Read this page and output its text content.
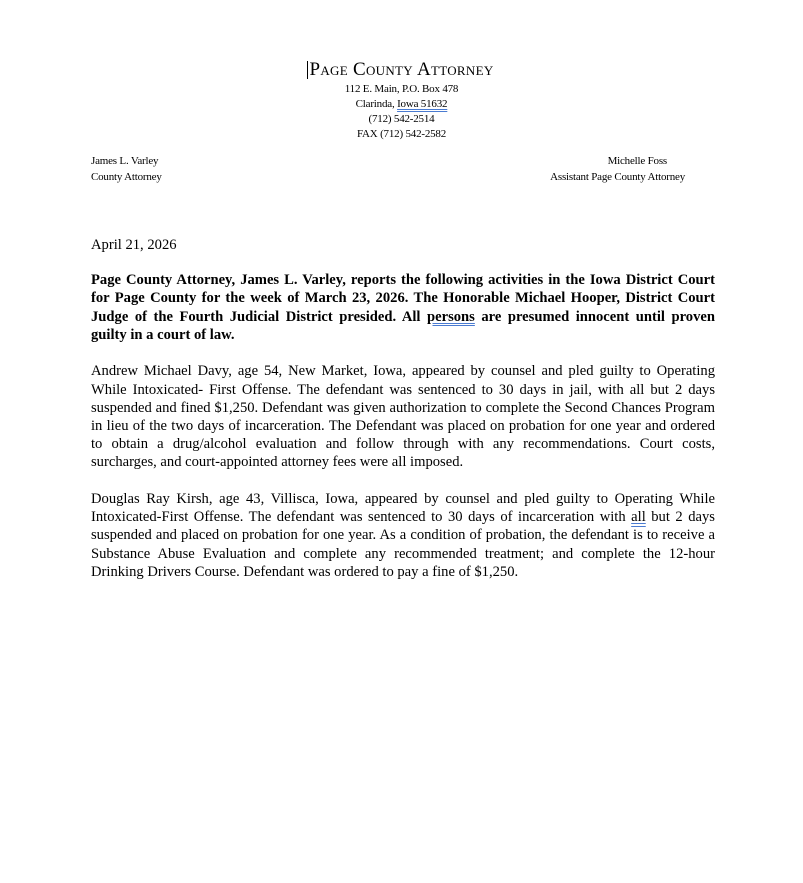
Page County Attorney
112 E. Main, P.O. Box 478
Clarinda, Iowa 51632
(712) 542-2514
FAX (712) 542-2582
James L. Varley
County Attorney
Michelle Foss
Assistant Page County Attorney

April 21, 2026

Page County Attorney, James L. Varley, reports the following activities in the Iowa District Court for Page County for the week of March 23, 2026. The Honorable Michael Hooper, District Court Judge of the Fourth Judicial District presided. All persons are presumed innocent until proven guilty in a court of law.

Andrew Michael Davy, age 54, New Market, Iowa, appeared by counsel and pled guilty to Operating While Intoxicated- First Offense. The defendant was sentenced to 30 days in jail, with all but 2 days suspended and fined $1,250. Defendant was given authorization to complete the Second Chances Program in lieu of the two days of incarceration. The Defendant was placed on probation for one year and ordered to obtain a drug/alcohol evaluation and follow through with any recommendations. Court costs, surcharges, and court-appointed attorney fees were all imposed.

Douglas Ray Kirsh, age 43, Villisca, Iowa, appeared by counsel and pled guilty to Operating While Intoxicated-First Offense. The defendant was sentenced to 30 days of incarceration with all but 2 days suspended and placed on probation for one year. As a condition of probation, the defendant is to receive a Substance Abuse Evaluation and complete any recommended treatment; and complete the 12-hour Drinking Drivers Course. Defendant was ordered to pay a fine of $1,250.
